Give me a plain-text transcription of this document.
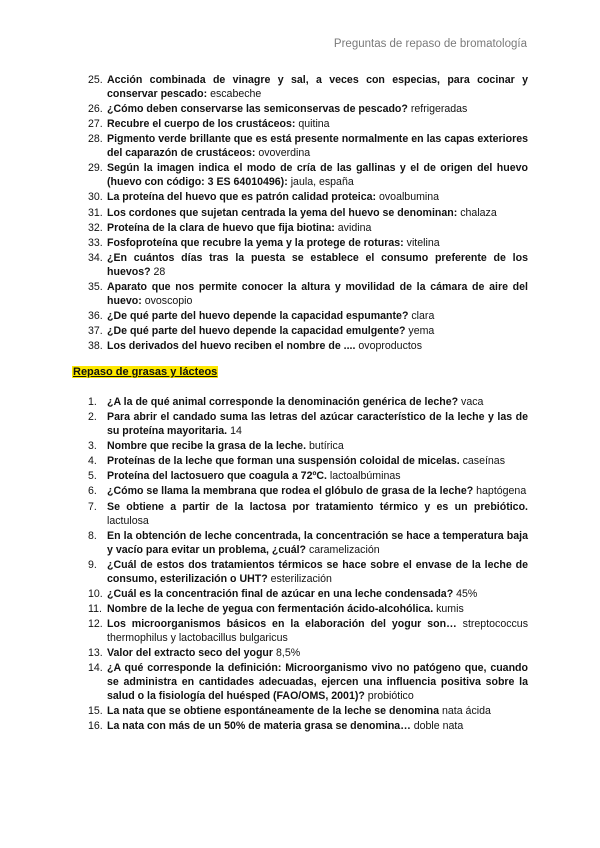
Preguntas de repaso de bromatología
25. Acción combinada de vinagre y sal, a veces con especias, para cocinar y conservar pescado: escabeche
26. ¿Cómo deben conservarse las semiconservas de pescado? refrigeradas
27. Recubre el cuerpo de los crustáceos: quitina
28. Pigmento verde brillante que es está presente normalmente en las capas exteriores del caparazón de crustáceos: ovoverdina
29. Según la imagen indica el modo de cría de las gallinas y el de origen del huevo (huevo con código: 3 ES 64010496): jaula, españa
30. La proteína del huevo que es patrón calidad proteica: ovoalbumina
31. Los cordones que sujetan centrada la yema del huevo se denominan: chalaza
32. Proteína de la clara de huevo que fija biotina: avidina
33. Fosfoproteína que recubre la yema y la protege de roturas: vitelina
34. ¿En cuántos días tras la puesta se establece el consumo preferente de los huevos? 28
35. Aparato que nos permite conocer la altura y movilidad de la cámara de aire del huevo: ovoscopio
36. ¿De qué parte del huevo depende la capacidad espumante? clara
37. ¿De qué parte del huevo depende la capacidad emulgente? yema
38. Los derivados del huevo reciben el nombre de .... ovoproductos
Repaso de grasas y lácteos
1. ¿A la de qué animal corresponde la denominación genérica de leche? vaca
2. Para abrir el candado suma las letras del azúcar característico de la leche y las de su proteína mayoritaria. 14
3. Nombre que recibe la grasa de la leche. butírica
4. Proteínas de la leche que forman una suspensión coloidal de micelas. caseínas
5. Proteína del lactosuero que coagula a 72ºC. lactoalbúminas
6. ¿Cómo se llama la membrana que rodea el glóbulo de grasa de la leche? haptógena
7. Se obtiene a partir de la lactosa por tratamiento térmico y es un prebiótico. lactulosa
8. En la obtención de leche concentrada, la concentración se hace a temperatura baja y vacío para evitar un problema, ¿cuál? caramelización
9. ¿Cuál de estos dos tratamientos térmicos se hace sobre el envase de la leche de consumo, esterilización o UHT? esterilización
10. ¿Cuál es la concentración final de azúcar en una leche condensada? 45%
11. Nombre de la leche de yegua con fermentación ácido-alcohólica. kumis
12. Los microorganismos básicos en la elaboración del yogur son… streptococcus thermophilus y lactobacillus bulgaricus
13. Valor del extracto seco del yogur 8,5%
14. ¿A qué corresponde la definición: Microorganismo vivo no patógeno que, cuando se administra en cantidades adecuadas, ejercen una influencia positiva sobre la salud o la fisiología del huésped (FAO/OMS, 2001)? probiótico
15. La nata que se obtiene espontáneamente de la leche se denomina nata ácida
16. La nata con más de un 50% de materia grasa se denomina… doble nata
